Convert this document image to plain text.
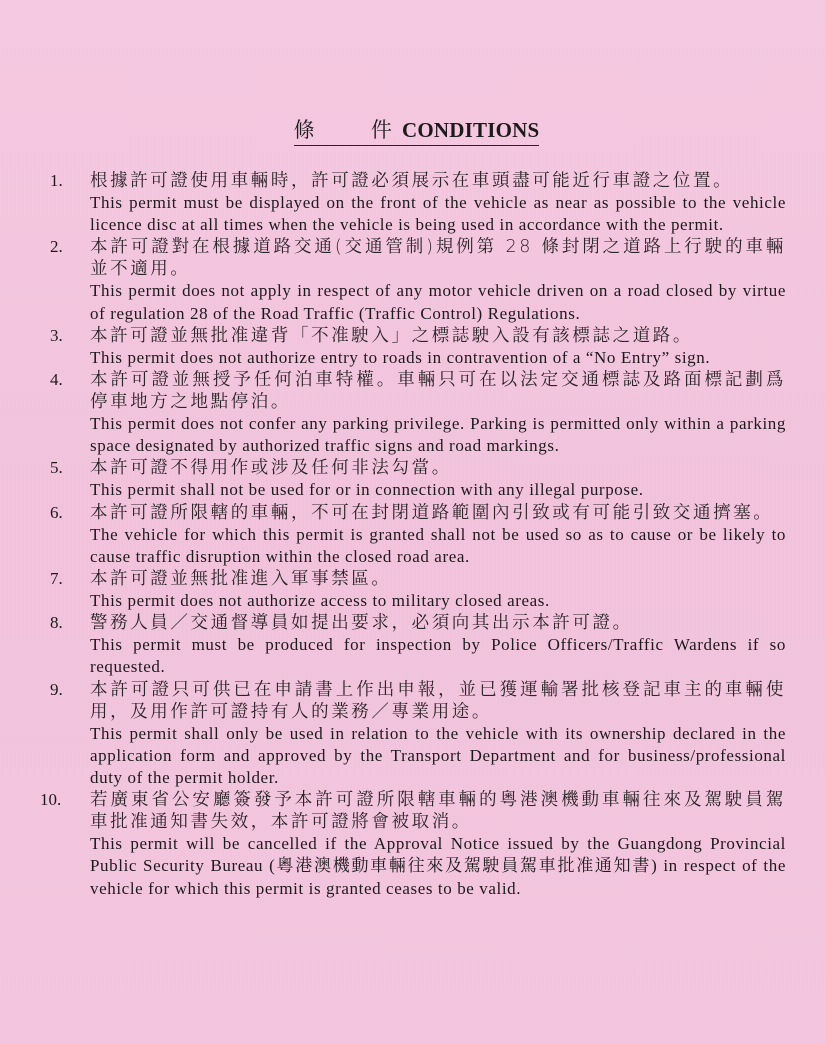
條	件 CONDITIONS
1.	根據許可證使用車輛時，許可證必須展示在車頭盡可能近行車證之位置。
This permit must be displayed on the front of the vehicle as near as possible to the vehicle licence disc at all times when the vehicle is being used in accordance with the permit.
2.	本許可證對在根據道路交通(交通管制)規例第 28 條封閉之道路上行駛的車輛並不適用。
This permit does not apply in respect of any motor vehicle driven on a road closed by virtue of regulation 28 of the Road Traffic (Traffic Control) Regulations.
3.	本許可證並無批准違背「不准駛入」之標誌駛入設有該標誌之道路。
This permit does not authorize entry to roads in contravention of a “No Entry” sign.
4.	本許可證並無授予任何泊車特權。車輛只可在以法定交通標誌及路面標記劃爲停車地方之地點停泊。
This permit does not confer any parking privilege. Parking is permitted only within a parking space designated by authorized traffic signs and road markings.
5.	本許可證不得用作或涉及任何非法勾當。
This permit shall not be used for or in connection with any illegal purpose.
6.	本許可證所限轄的車輛，不可在封閉道路範圍內引致或有可能引致交通擠塞。
The vehicle for which this permit is granted shall not be used so as to cause or be likely to cause traffic disruption within the closed road area.
7.	本許可證並無批准進入軍事禁區。
This permit does not authorize access to military closed areas.
8.	警務人員／交通督導員如提出要求，必須向其出示本許可證。
This permit must be produced for inspection by Police Officers/Traffic Wardens if so requested.
9.	本許可證只可供已在申請書上作出申報，並已獲運輸署批核登記車主的車輛使用，及用作許可證持有人的業務／專業用途。
This permit shall only be used in relation to the vehicle with its ownership declared in the application form and approved by the Transport Department and for business/professional duty of the permit holder.
10.	若廣東省公安廳簽發予本許可證所限轄車輛的粵港澳機動車輛往來及駕駛員駕車批准通知書失效，本許可證將會被取消。
This permit will be cancelled if the Approval Notice issued by the Guangdong Provincial Public Security Bureau (粵港澳機動車輛往來及駕駛員駕車批准通知書) in respect of the vehicle for which this permit is granted ceases to be valid.
